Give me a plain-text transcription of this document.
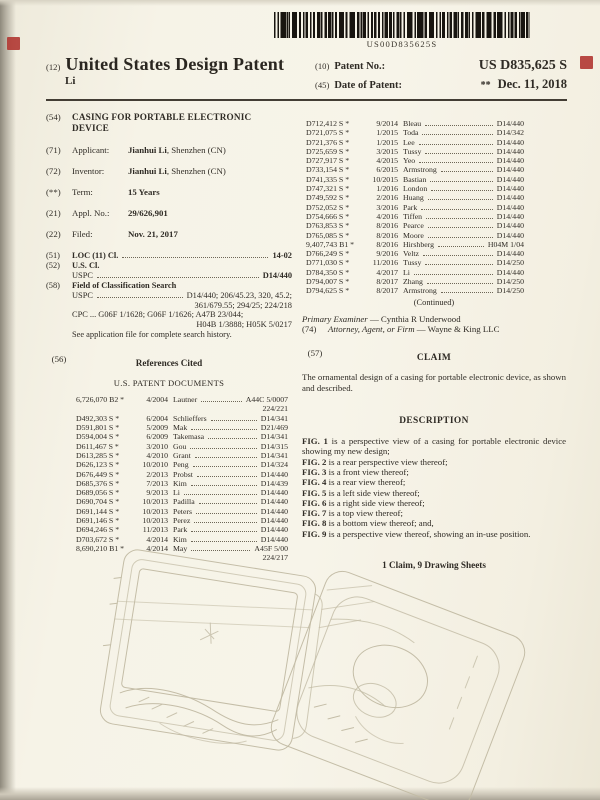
US00D835625S
(12) United States Design Patent
Li
(10) Patent No.:	US D835,625 S
(45) Date of Patent:	** Dec. 11, 2018
(54)	CASING FOR PORTABLE ELECTRONIC DEVICE
(71)	Applicant:	Jianhui Li, Shenzhen (CN)
(72)	Inventor:	Jianhui Li, Shenzhen (CN)
(**)	Term:	15 Years
(21)	Appl. No.:	29/626,901
(22)	Filed:	Nov. 21, 2017
(51)	LOC (11) Cl.	14-02
(52)	U.S. Cl.
USPC	D14/440
(58)	Field of Classification Search
USPC	D14/440; 206/45.23, 320, 45.2;
361/679.55; 294/25; 224/218
CPC ... G06F 1/1628; G06F 1/1626; A47B 23/044;
H04B 1/3888; H05K 5/0217
See application file for complete search history.
(56)	References Cited
U.S. PATENT DOCUMENTS
6,726,070 B2 *	4/2004 Lautner	A44C 5/0007
224/221
D492,303 S *	6/2004 Schlieffers	D14/341
D591,801 S *	5/2009 Mak	D21/469
D594,004 S *	6/2009 Takemasa	D14/341
D611,467 S *	3/2010 Gou	D14/315
D613,285 S *	4/2010 Grant	D14/341
D626,123 S *	10/2010 Peng	D14/324
D676,449 S *	2/2013 Probst	D14/440
D685,376 S *	7/2013 Kim	D14/439
D689,056 S *	9/2013 Li	D14/440
D690,704 S *	10/2013 Padilla	D14/440
D691,144 S *	10/2013 Peters	D14/440
D691,146 S *	10/2013 Perez	D14/440
D694,246 S *	11/2013 Park	D14/440
D703,672 S *	4/2014 Kim	D14/440
8,690,210 B1 *	4/2014 May	A45F 5/00
224/217
D712,412 S *	9/2014 Bleau	D14/440
D721,075 S *	1/2015 Toda	D14/342
D721,376 S *	1/2015 Lee	D14/440
D725,659 S *	3/2015 Tussy	D14/440
D727,917 S *	4/2015 Yeo	D14/440
D733,154 S *	6/2015 Armstrong	D14/440
D741,335 S *	10/2015 Bastian	D14/440
D747,321 S *	1/2016 London	D14/440
D749,592 S *	2/2016 Huang	D14/440
D752,052 S *	3/2016 Park	D14/440
D754,666 S *	4/2016 Tiffen	D14/440
D763,853 S *	8/2016 Pearce	D14/440
D765,085 S *	8/2016 Moore	D14/440
9,407,743 B1 *	8/2016 Hirshberg	H04M 1/04
D766,249 S *	9/2016 Veltz	D14/440
D771,030 S *	11/2016 Tussy	D14/250
D784,350 S *	4/2017 Li	D14/440
D794,007 S *	8/2017 Zhang	D14/250
D794,625 S *	8/2017 Armstrong	D14/250
(Continued)
Primary Examiner — Cynthia R Underwood
(74)	Attorney, Agent, or Firm — Wayne & King LLC
(57)	CLAIM
The ornamental design of a casing for portable electronic device, as shown and described.
DESCRIPTION
FIG. 1 is a perspective view of a casing for portable electronic device showing my new design;
FIG. 2 is a rear perspective view thereof;
FIG. 3 is a front view thereof;
FIG. 4 is a rear view thereof;
FIG. 5 is a left side view thereof;
FIG. 6 is a right side view thereof;
FIG. 7 is a top view thereof;
FIG. 8 is a bottom view thereof; and,
FIG. 9 is a perspective view thereof, showing an in-use position.
1 Claim, 9 Drawing Sheets
